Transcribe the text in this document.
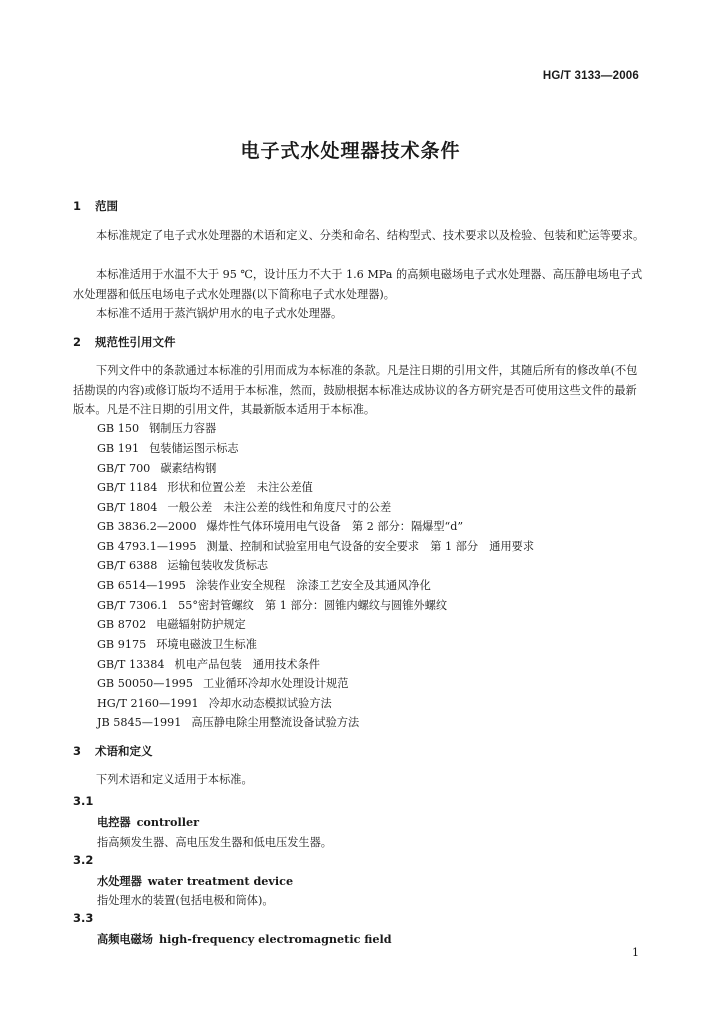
HG/T 3133—2006
电子式水处理器技术条件
1 范围
本标准规定了电子式水处理器的术语和定义、分类和命名、结构型式、技术要求以及检验、包装和贮运等要求。
本标准适用于水温不大于 95 ℃，设计压力不大于 1.6 MPa 的高频电磁场电子式水处理器、高压静电场电子式水处理器和低压电场电子式水处理器(以下简称电子式水处理器)。
本标准不适用于蒸汽锅炉用水的电子式水处理器。
2 规范性引用文件
下列文件中的条款通过本标准的引用而成为本标准的条款。凡是注日期的引用文件，其随后所有的修改单(不包括勘误的内容)或修订版均不适用于本标准，然而，鼓励根据本标准达成协议的各方研究是否可使用这些文件的最新版本。凡是不注日期的引用文件，其最新版本适用于本标准。
GB 150 钢制压力容器
GB 191 包装储运图示标志
GB/T 700 碳素结构钢
GB/T 1184 形状和位置公差　未注公差值
GB/T 1804 一般公差　未注公差的线性和角度尺寸的公差
GB 3836.2—2000 爆炸性气体环境用电气设备　第 2 部分：隔爆型“d”
GB 4793.1—1995 测量、控制和试验室用电气设备的安全要求　第 1 部分　通用要求
GB/T 6388 运输包装收发货标志
GB 6514—1995 涂装作业安全规程　涂漆工艺安全及其通风净化
GB/T 7306.1 55°密封管螺纹　第 1 部分：圆锥内螺纹与圆锥外螺纹
GB 8702 电磁辐射防护规定
GB 9175 环境电磁波卫生标准
GB/T 13384 机电产品包装　通用技术条件
GB 50050—1995 工业循环冷却水处理设计规范
HG/T 2160—1991 冷却水动态模拟试验方法
JB 5845—1991 高压静电除尘用整流设备试验方法
3 术语和定义
下列术语和定义适用于本标准。
3.1
电控器 controller
指高频发生器、高电压发生器和低电压发生器。
3.2
水处理器 water treatment device
指处理水的装置(包括电极和筒体)。
3.3
高频电磁场 high-frequency electromagnetic field
1
